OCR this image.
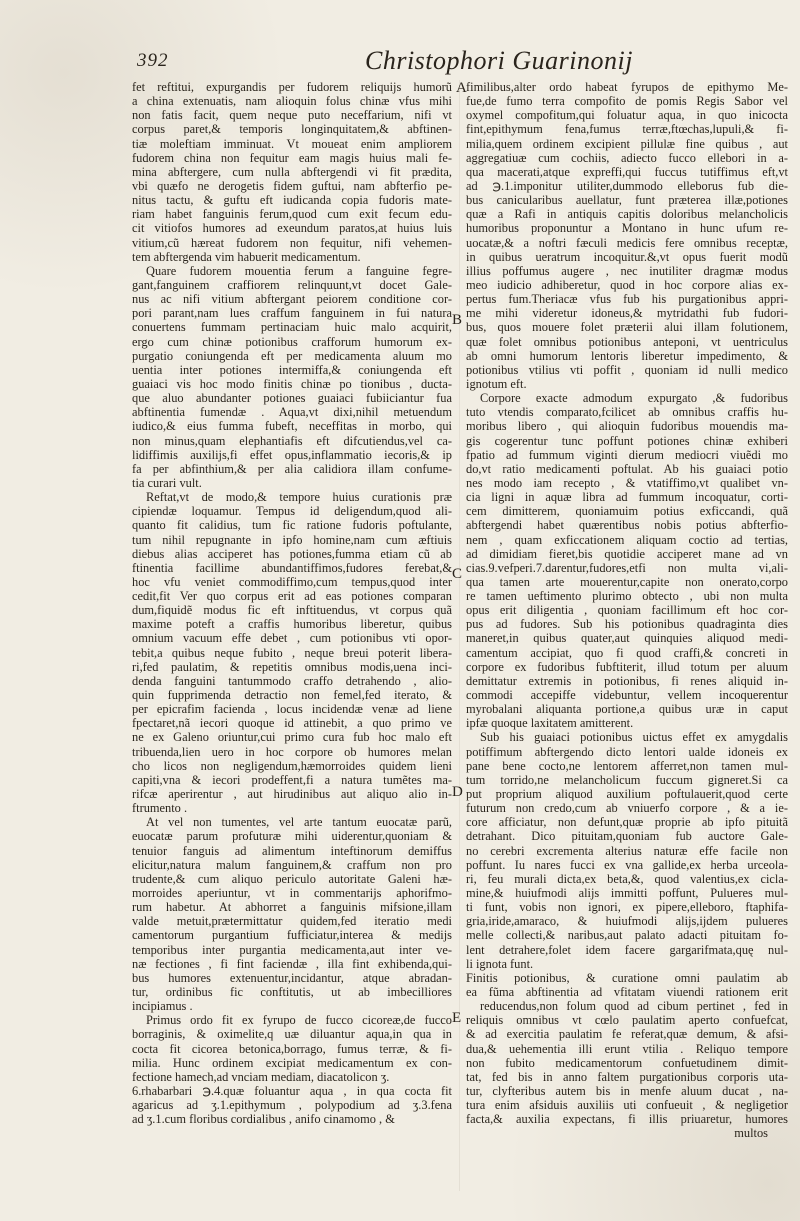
392	Christophori Guarinonij
fet reftitui, expurgandis per fudorem reliquijs humorũ
a china extenuatis, nam alioquin folus chinæ vfus mihi
non fatis facit, quem neque puto neceffarium, nifi vt
corpus paret,& temporis longinquitatem,& abftinen-
tiæ moleftiam imminuat. Vt moueat enim ampliorem
fudorem china non fequitur eam magis huius mali fe-
mina abftergere, cum nulla abftergendi vi fit prædita,
vbi quæfo ne derogetis fidem guftui, nam abfterfio pe-
nitus tactu, & guftu eft iudicanda copia fudoris mate-
riam habet fanguinis ferum,quod cum exit fecum edu-
cit vitiofos humores ad exeundum paratos,at huius luis
vitium,cũ hæreat fudorem non fequitur, nifi vehemen-
tem abftergenda vim habuerit medicamentum.
Quare fudorem mouentia ferum a fanguine fegre-
gant,fanguinem craffiorem relinquunt,vt docet Gale-
nus ac nifi vitium abftergant peiorem conditione cor-
pori parant,nam lues craffum fanguinem in fui natura
conuertens fummam pertinaciam huic malo acquirit,
ergo cum chinæ potionibus crafforum humorum ex-
purgatio coniungenda eft per medicamenta aluum mo
uentia inter potiones intermiffa,& coniungenda eft
guaiaci vis hoc modo finitis chinæ po tionibus , ducta-
que aluo abundanter potiones guaiaci fubiiciantur fua
abftinentia fumendæ . Aqua,vt dixi,nihil metuendum
iudico,& eius fumma fubeft, neceffitas in morbo, qui
non minus,quam elephantiafis eft difcutiendus,vel ca-
lidiffimis auxilijs,fi effet opus,inflammatio iecoris,& ip
fa per abfinthium,& per alia calidiora illam confume-
tia curari vult.
Reftat,vt de modo,& tempore huius curationis præ
cipiendæ loquamur. Tempus id deligendum,quod ali-
quanto fit calidius, tum fic ratione fudoris poftulante,
tum nihil repugnante in ipfo homine,nam cum æftiuis
diebus alias acciperet has potiones,fumma etiam cũ ab
ftinentia facillime abundantiffimos,fudores ferebat,&
hoc vfu veniet commodiffimo,cum tempus,quod inter
cedit,fit Ver quo corpus erit ad eas potiones comparan
dum,fiquidẽ modus fic eft inftituendus, vt corpus quã
maxime poteft a craffis humoribus liberetur, quibus
omnium vacuum effe debet , cum potionibus vti opor-
tebit,a quibus neque fubito , neque breui poterit libera-
ri,fed paulatim, & repetitis omnibus modis,uena inci-
denda fanguini tantummodo craffo detrahendo , alio-
quin fupprimenda detractio non femel,fed iterato, &
per epicrafim facienda , locus incidendæ venæ ad liene
fpectaret,nã iecori quoque id attinebit, a quo primo ve
ne ex Galeno oriuntur,cui primo cura fub hoc malo eft
tribuenda,lien uero in hoc corpore ob humores melan
cho licos non negligendum,hæmorroides quidem lieni
capiti,vna & iecori prodeffent,fi a natura tumẽtes ma-
rifcæ aperirentur , aut hirudinibus aut aliquo alio in-
ftrumento .
At vel non tumentes, vel arte tantum euocatæ parũ,
euocatæ parum profuturæ mihi uiderentur,quoniam &
tenuior fanguis ad alimentum inteftinorum demiffus
elicitur,natura malum fanguinem,& craffum non pro
trudente,& cum aliquo periculo autoritate Galeni hæ-
morroides aperiuntur, vt in commentarijs aphorifmo-
rum habetur. At abhorret a fanguinis mifsione,illam
valde metuit,prætermittatur quidem,fed iteratio medi
camentorum purgantium fufficiatur,interea & medijs
temporibus inter purgantia medicamenta,aut inter ve-
næ fectiones , fi fint faciendæ , illa fint exhibenda,qui-
bus humores extenuentur,incidantur, atque abradan-
tur, ordinibus fic conftitutis, ut ab imbecilliores
incipiamus .
Primus ordo fit ex fyrupo de fucco cicoreæ,de fucco
borraginis, & oximelite,q uæ diluantur aqua,in qua in
cocta fit cicorea betonica,borrago, fumus terræ, & fi-
milia. Hunc ordinem excipiat medicamentum ex con-
fectione hamech,ad vnciam mediam, diacatolicon ʒ.
6.rhabarbari ℈.4.quæ foluantur aqua , in qua cocta fit
agaricus ad ʒ.1.epithymum , polypodium ad ʒ.3.fena
ad ʒ.1.cum floribus cordialibus , anifo cinamomo , &
fimilibus,alter ordo habeat fyrupos de epithymo Me-
fue,de fumo terra compofito de pomis Regis Sabor vel
oxymel compofitum,qui foluatur aqua, in quo inicocta
fint,epithymum fena,fumus terræ,ftœchas,lupuli,& fi-
milia,quem ordinem excipient pillulæ fine quibus , aut
aggregatiuæ cum cochiis, adiecto fucco ellebori in a-
qua macerati,atque expreffi,qui fuccus tutiffimus eft,vt
ad ℈.1.imponitur utiliter,dummodo elleborus fub die-
bus canicularibus auellatur, funt præterea illæ,potiones
quæ a Rafi in antiquis capitis doloribus melancholicis
humoribus proponuntur a Montano in hunc ufum re-
uocatæ,& a noftri fæculi medicis fere omnibus receptæ,
in quibus ueratrum incoquitur.&,vt opus fuerit modũ
illius poffumus augere , nec inutiliter dragmæ modus
meo iudicio adhiberetur, quod in hoc corpore alias ex-
pertus fum.Theriacæ vfus fub his purgationibus appri-
me mihi videretur idoneus,& mytridathi fub fudori-
bus, quos mouere folet præterii alui illam folutionem,
quæ folet omnibus potionibus anteponi, vt uentriculus
ab omni humorum lentoris liberetur impedimento, &
potionibus vtilius vti poffit , quoniam id nulli medico
ignotum eft.
Corpore exacte admodum expurgato ,& fudoribus
tuto vtendis comparato,fcilicet ab omnibus craffis hu-
moribus libero , qui alioquin fudoribus mouendis ma-
gis cogerentur tunc poffunt potiones chinæ exhiberi
fpatio ad fummum viginti dierum mediocri viuẽdi mo
do,vt ratio medicamenti poftulat. Ab his guaiaci potio
nes modo iam recepto , & vtatiffimo,vt qualibet vn-
cia ligni in aquæ libra ad fummum incoquatur, corti-
cem dimitterem, quoniamuim potius exficcandi, quã
abftergendi habet quærentibus nobis potius abfterfio-
nem , quam exficcationem aliquam coctio ad tertias,
ad dimidiam fieret,bis quotidie acciperet mane ad vn
cias.9.vefperi.7.darentur,fudores,etfi non multa vi,ali-
qua tamen arte mouerentur,capite non onerato,corpo
re tamen ueftimento plurimo obtecto , ubi non multa
opus erit diligentia , quoniam facillimum eft hoc cor-
pus ad fudores. Sub his potionibus quadraginta dies
maneret,in quibus quater,aut quinquies aliquod medi-
camentum accipiat, quo fi quod craffi,& concreti in
corpore ex fudoribus fubftiterit, illud totum per aluum
demittatur extremis in potionibus, fi renes aliquid in-
commodi accepiffe videbuntur, vellem incoquerentur
myrobalani aliquanta portione,a quibus uræ in caput
ipfæ quoque laxitatem amitterent.
Sub his guaiaci potionibus uictus effet ex amygdalis
potiffimum abftergendo dicto lentori ualde idoneis ex
pane bene cocto,ne lentorem afferret,non tamen mul-
tum torrido,ne melancholicum fuccum gigneret.Si ca
put proprium aliquod auxilium poftulauerit,quod certe
futurum non credo,cum ab vniuerfo corpore , & a ie-
core afficiatur, non defunt,quæ proprie ab ipfo pituitã
detrahant. Dico pituitam,quoniam fub auctore Gale-
no cerebri excrementa alterius naturæ effe facile non
poffunt. Iu nares fucci ex vna gallide,ex herba urceola-
ri, feu murali dicta,ex beta,&, quod valentius,ex cicla-
mine,& huiufmodi alijs immitti poffunt, Pulueres mul-
ti funt, vobis non ignori, ex pipere,elleboro, ftaphifa-
gria,iride,amaraco, & huiufmodi alijs,ijdem pulueres
melle collecti,& naribus,aut palato adacti pituitam fo-
lent detrahere,folet idem facere gargarifmata,quę nul-
li ignota funt.
Finitis potionibus, & curatione omni paulatim ab
ea fũma abftinentia ad vfitatam viuendi rationem erit
reducendus,non folum quod ad cibum pertinet , fed in
reliquis omnibus vt cœlo paulatim aperto confuefcat,
& ad exercitia paulatim fe referat,quæ demum, & afsi-
dua,& uehementia illi erunt vtilia . Reliquo tempore
non fubito medicamentorum confuetudinem dimit-
tat, fed bis in anno faltem purgationibus corporis uta-
tur, clyfteribus autem bis in menfe aluum ducat , na-
tura enim afsiduis auxiliis uti confueuit , & negligetior
facta,& auxilia expectans, fi illis priuaretur, humores
multos
A
B
C
D
E
